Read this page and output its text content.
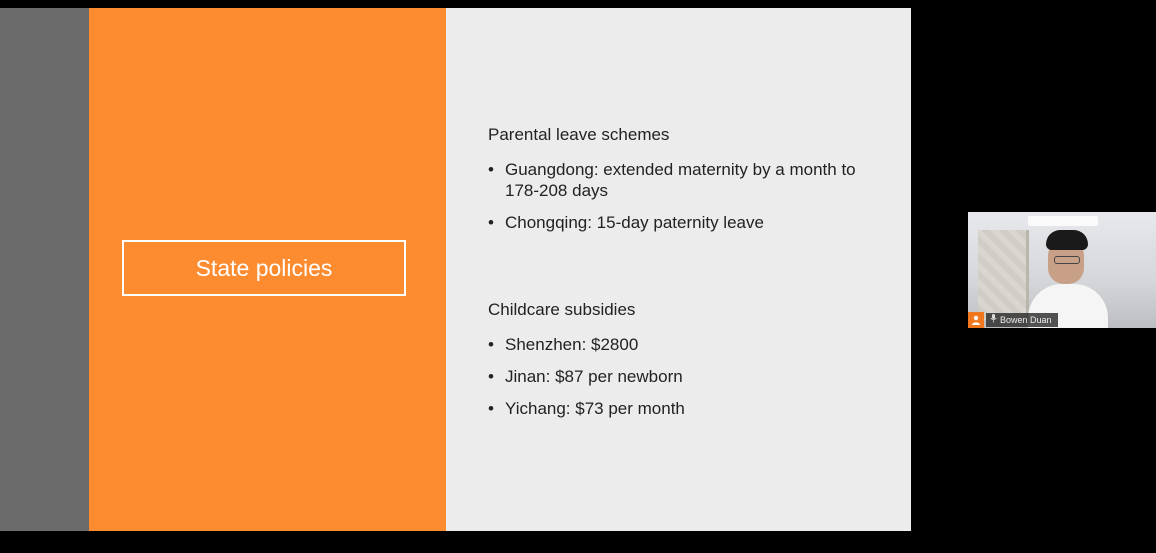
State policies
Parental leave schemes
• Guangdong: extended maternity by a month to 178-208 days
• Chongqing: 15-day paternity leave
Childcare subsidies
• Shenzhen: $2800
• Jinan: $87 per newborn
• Yichang: $73 per month
Bowen Duan
